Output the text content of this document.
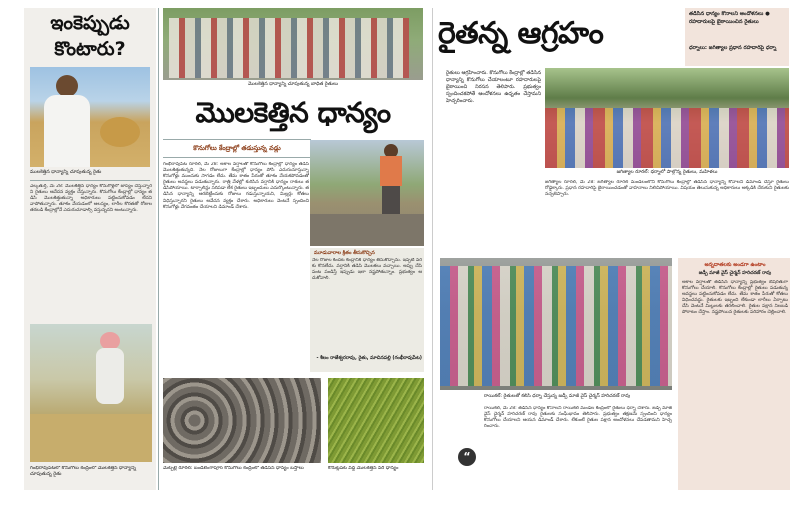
ఇంకెప్పుడు
కొంటారు?
ములకెత్తిన ధాన్యాన్ని చూపుతున్న రైతు
ఎల్కతుర్తి, మే 28: మొలకెత్తిన ధాన్యం కొనుగోళ్లలో జాప్యం చేస్తున్నారని రైతులు ఆవేదన వ్యక్తం చేస్తున్నారు. కొనుగోలు కేంద్రాల్లో ధాన్యం తడిసి మొలకెత్తుతున్నా అధికారులు పట్టించుకోవడం లేదని వాపోతున్నారు. తూకం వేయడంలో ఆలస్యం, లారీల కొరతతో రోజుల తరబడి కేంద్రాల్లోనే ఎదురుచూడాల్సి వస్తున్నదని అంటున్నారు.
గంభీరావుపేటలో కొనుగోలు కేంద్రంలో మొలకెత్తిన ధాన్యాన్ని చూపుతున్న రైతు
మొలకెత్తిన ధాన్యాన్ని చూపుతున్న బాధిత రైతులు
మొలకెత్తిన ధాన్యం
కొనుగోలు కేంద్రాల్లో తడుస్తున్న వడ్లు
గంభీరావుపేట రూరల్, మే 28: అకాల వర్షాలతో కొనుగోలు కేంద్రాల్లో ధాన్యం తడిసి మొలకెత్తుతున్నది. నెల రోజులుగా కేంద్రాల్లో ధాన్యం పోసి ఎదురుచూస్తున్నా కొనుగోళ్లు ముందుకు సాగడం లేదు. తేమ శాతం పేరుతో తూకం వేయకపోవడంతో రైతులు అవస్థలు పడుతున్నారు. రాత్రి వేళల్లో కురిసిన వర్షానికి ధాన్యం రాశులు తడిసిపోయాయి. టార్పాలిన్లు సరిపడా లేక రైతులు ఇబ్బందులు ఎదుర్కొంటున్నారు. తడిసిన ధాన్యాన్ని ఆరబెట్టేందుకు రోజులు గడుస్తున్నాయని, మిల్లర్లు కోతలు విధిస్తున్నారని రైతులు ఆవేదన వ్యక్తం చేశారు. అధికారులు వెంటనే స్పందించి కొనుగోళ్లు వేగవంతం చేయాలని డిమాండ్ చేశారు.
మూడువారాల క్రితం తీసుకొచ్చిన
నెల రోజుల కిందట కేంద్రానికి ధాన్యం తీసుకొచ్చాను. ఇప్పటి వరకు కొనలేదు. వర్షానికి తడిసి మొలకలు వచ్చాయి. అప్పు చేసి పంట పండిస్తే ఇప్పుడు ఇలా నష్టపోతున్నాం. ప్రభుత్వం ఆదుకోవాలి.
- శీలం రాజేశ్వరరావు, రైతు, మాచినపల్లి (గంభీరావుపేట)
మెట్పల్లి రూరల్: బండలింగాపూర్ కొనుగోలు కేంద్రంలో తడిసిన ధాన్యం బస్తాలు	కోరుట్లపేట వద్ద మొలకెత్తిన వరి ధాన్యం
రైతన్న ఆగ్రహం
తడిసిన ధాన్యం కొనాలని ఆందోళనలు ● రహదారులపై బైఠాయించిన రైతులు
ధర్నాలు: జగిత్యాల ప్రధాన రహదారిపై ధర్నా
రైతులు ఆగ్రహించారు. కొనుగోలు కేంద్రాల్లో తడిసిన ధాన్యాన్ని కొనుగోలు చేయాలంటూ రహదారులపై బైఠాయించి నిరసన తెలిపారు. ప్రభుత్వం స్పందించకపోతే ఆందోళనలు ఉధృతం చేస్తామని హెచ్చరించారు.
జగిత్యాల రూరల్: ధర్నాలో పాల్గొన్న రైతులు, మహిళలు
జగిత్యాల రూరల్, మే 28: జగిత్యాల రూరల్ మండలంలోని కొనుగోలు కేంద్రాల్లో తడిసిన ధాన్యాన్ని కొనాలని డిమాండ్ చేస్తూ రైతులు రోడ్డెక్కారు. ప్రధాన రహదారిపై బైఠాయించడంతో వాహనాలు నిలిచిపోయాయి. విషయం తెలుసుకున్న అధికారులు అక్కడికి చేరుకుని రైతులకు నచ్చజెప్పారు.
రాయికల్: రైతులతో కలిసి ధర్నా చేస్తున్న జడ్పీ మాజీ వైస్ చైర్మన్ హరిచరణ్ రావు
“
రాయికల్, మే 28: తడిసిన ధాన్యం కొనాలని రాయికల్ మండల కేంద్రంలో రైతులు ధర్నా చేశారు. జడ్పీ మాజీ వైస్ చైర్మన్ హరిచరణ్ రావు రైతులకు సంఘీభావం తెలిపారు. ప్రభుత్వం తక్షణమే స్పందించి ధాన్యం కొనుగోలు చేయాలని ఆయన డిమాండ్ చేశారు. లేకుంటే రైతుల పక్షాన ఆందోళనలు చేపడతామని హెచ్చరించారు.
అన్నదాతలకు అండగా ఉంటాం
జడ్పీ మాజీ వైస్ చైర్మన్ హరిచరణ్ రావు
అకాల వర్షాలతో తడిసిన ధాన్యాన్ని ప్రభుత్వం బేషరతుగా కొనుగోలు చేయాలి. కొనుగోలు కేంద్రాల్లో రైతులు పడుతున్న అవస్థలు పట్టించుకోవడం లేదు. తేమ శాతం పేరుతో కోతలు విధించవద్దు. రైతులకు ఇబ్బంది లేకుండా లారీలు ఏర్పాటు చేసి వెంటనే మిల్లులకు తరలించాలి. రైతుల పక్షాన నిలబడి పోరాటం చేస్తాం. నష్టపోయిన రైతులకు పరిహారం చెల్లించాలి.
